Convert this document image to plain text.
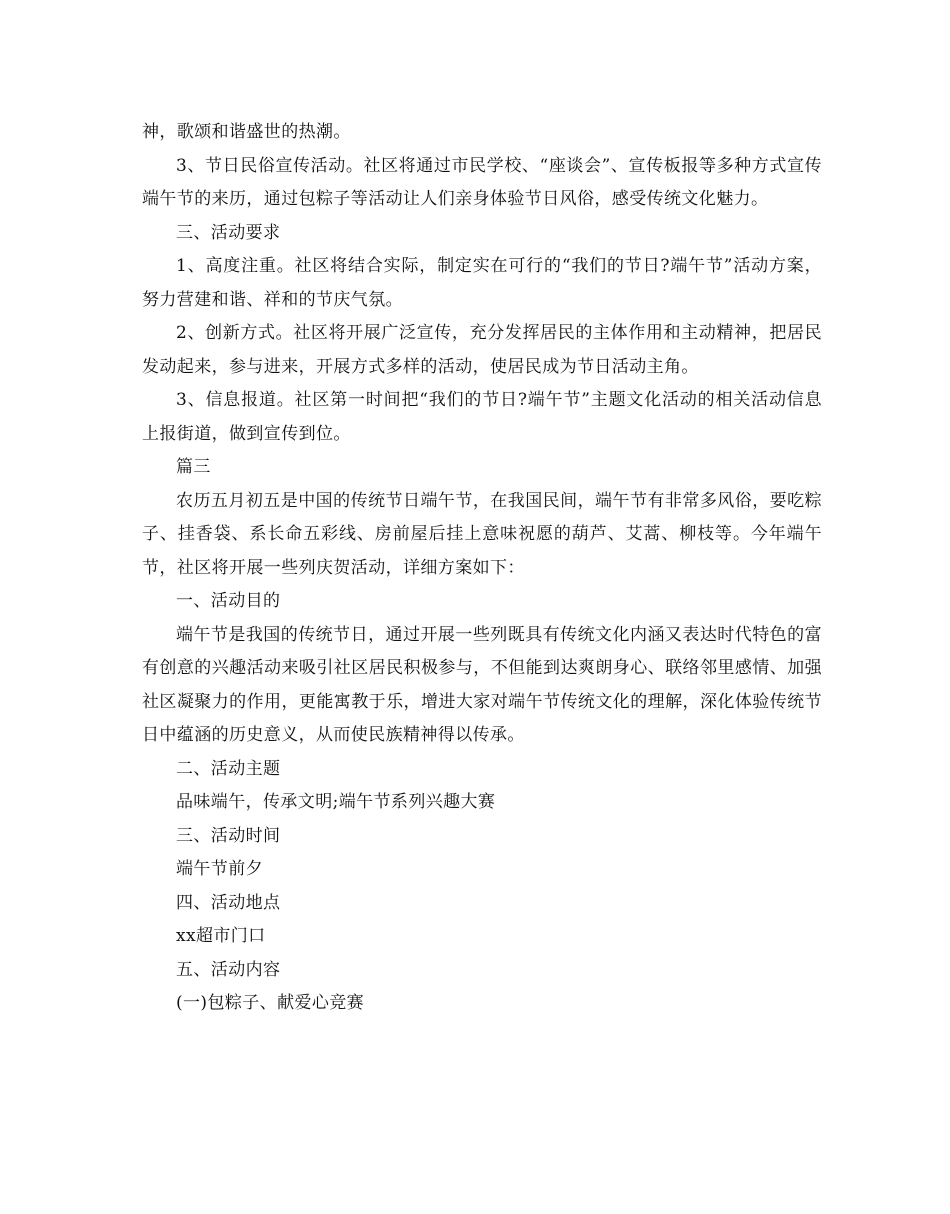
神，歌颂和谐盛世的热潮。

3、节日民俗宣传活动。社区将通过市民学校、“座谈会”、宣传板报等多种方式宣传端午节的来历，通过包粽子等活动让人们亲身体验节日风俗，感受传统文化魅力。

三、活动要求

1、高度注重。社区将结合实际，制定实在可行的“我们的节日?端午节”活动方案，努力营建和谐、祥和的节庆气氛。

2、创新方式。社区将开展广泛宣传，充分发挥居民的主体作用和主动精神，把居民发动起来，参与进来，开展方式多样的活动，使居民成为节日活动主角。

3、信息报道。社区第一时间把“我们的节日?端午节”主题文化活动的相关活动信息上报街道，做到宣传到位。

篇三

农历五月初五是中国的传统节日端午节，在我国民间，端午节有非常多风俗，要吃粽子、挂香袋、系长命五彩线、房前屋后挂上意味祝愿的葫芦、艾蒿、柳枝等。今年端午节，社区将开展一些列庆贺活动，详细方案如下：

一、活动目的

端午节是我国的传统节日，通过开展一些列既具有传统文化内涵又表达时代特色的富有创意的兴趣活动来吸引社区居民积极参与，不但能到达爽朗身心、联络邻里感情、加强社区凝聚力的作用，更能寓教于乐，增进大家对端午节传统文化的理解，深化体验传统节日中蕴涵的历史意义，从而使民族精神得以传承。

二、活动主题

品味端午，传承文明;端午节系列兴趣大赛

三、活动时间

端午节前夕

四、活动地点

xx超市门口

五、活动内容

(一)包粽子、献爱心竞赛
